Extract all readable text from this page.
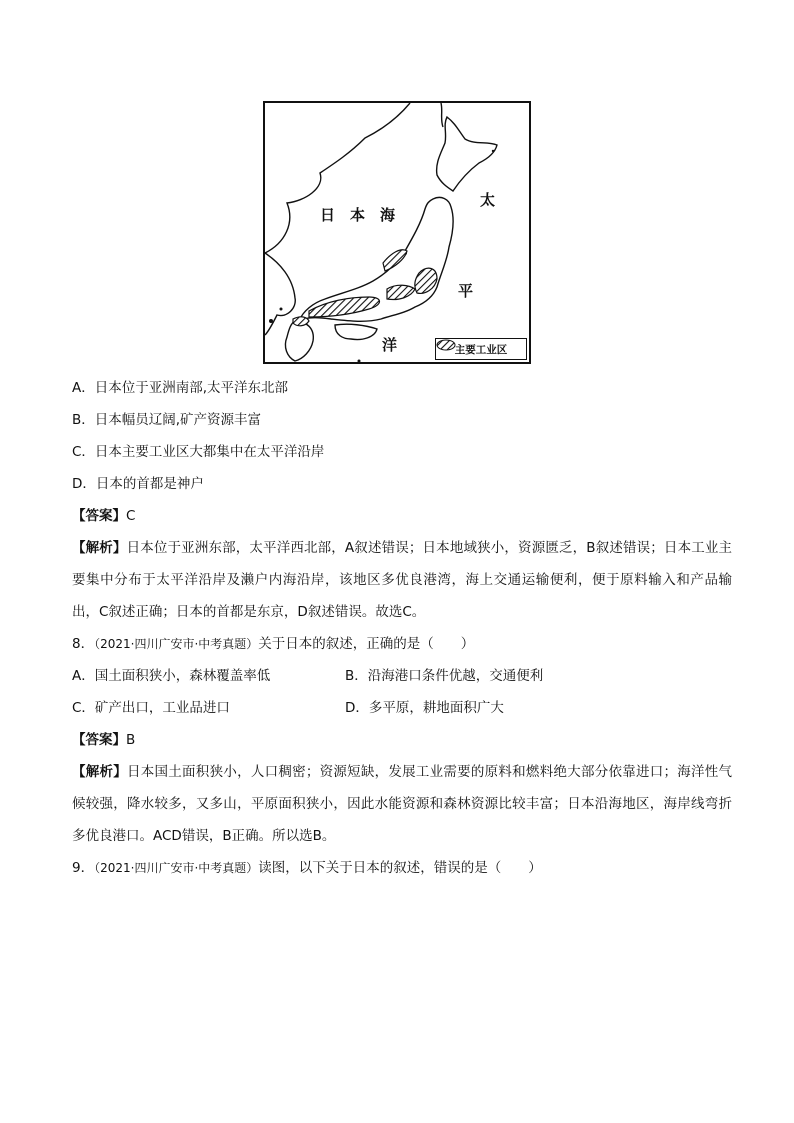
日 本 海
太
平
洋	主要工业区
A．日本位于亚洲南部,太平洋东北部
B．日本幅员辽阔,矿产资源丰富
C．日本主要工业区大都集中在太平洋沿岸
D．日本的首都是神户
【答案】C
【解析】日本位于亚洲东部，太平洋西北部，A叙述错误；日本地域狭小，资源匮乏，B叙述错误；日本工业主要集中分布于太平洋沿岸及濑户内海沿岸，该地区多优良港湾，海上交通运输便利，便于原料输入和产品输出，C叙述正确；日本的首都是东京，D叙述错误。故选C。
8．（2021·四川广安市·中考真题）关于日本的叙述，正确的是（　　）
A．国土面积狭小，森林覆盖率低	B．沿海港口条件优越，交通便利
C．矿产出口，工业品进口	D．多平原，耕地面积广大
【答案】B
【解析】日本国土面积狭小，人口稠密；资源短缺，发展工业需要的原料和燃料绝大部分依靠进口；海洋性气候较强，降水较多，又多山，平原面积狭小，因此水能资源和森林资源比较丰富；日本沿海地区，海岸线弯折多优良港口。ACD错误，B正确。所以选B。
9．（2021·四川广安市·中考真题）读图，以下关于日本的叙述，错误的是（　　）
